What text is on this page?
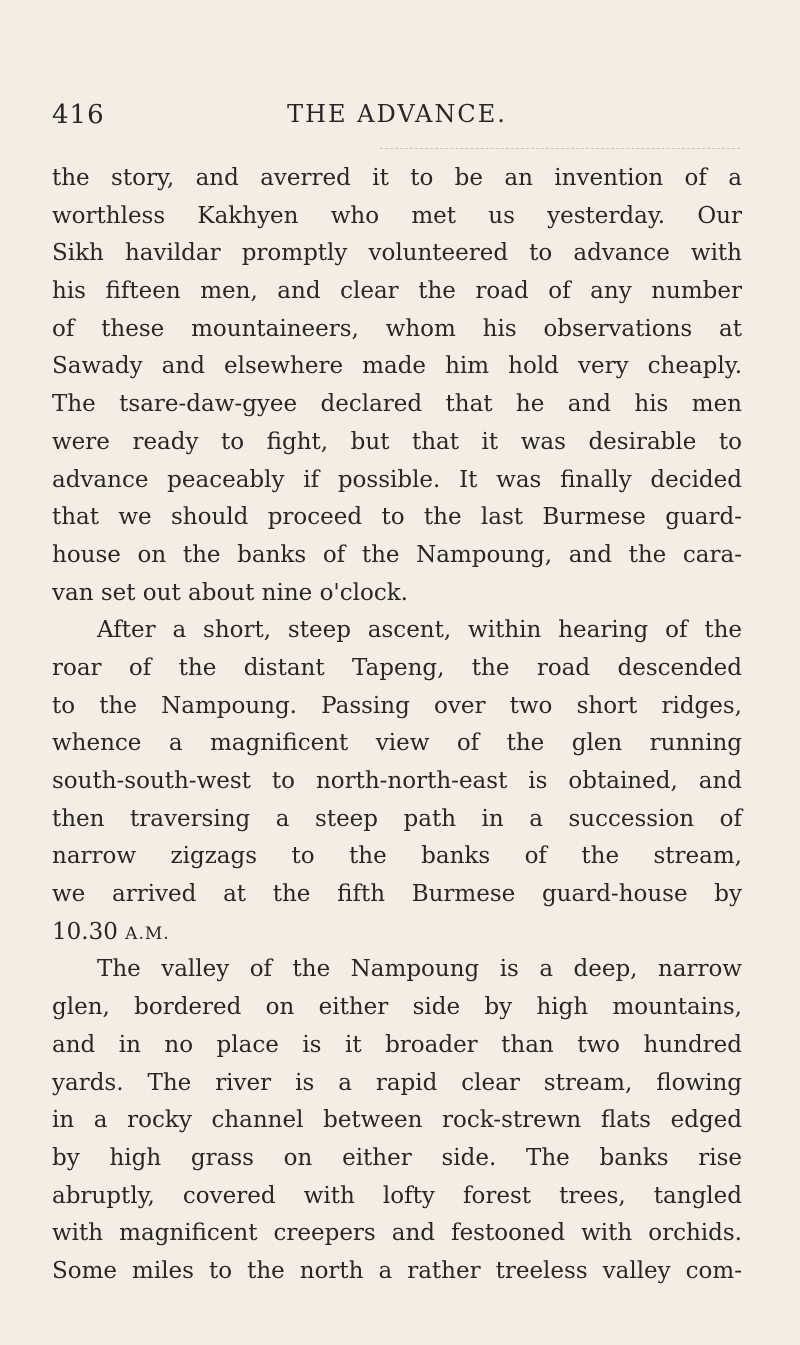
416	THE ADVANCE.
the story, and averred it to be an invention of a
worthless Kakhyen who met us yesterday. Our
Sikh havildar promptly volunteered to advance with
his fifteen men, and clear the road of any number
of these mountaineers, whom his observations at
Sawady and elsewhere made him hold very cheaply.
The tsare-daw-gyee declared that he and his men
were ready to fight, but that it was desirable to
advance peaceably if possible. It was finally decided
that we should proceed to the last Burmese guard-
house on the banks of the Nampoung, and the cara-
van set out about nine o'clock.
After a short, steep ascent, within hearing of the
roar of the distant Tapeng, the road descended
to the Nampoung. Passing over two short ridges,
whence a magnificent view of the glen running
south-south-west to north-north-east is obtained, and
then traversing a steep path in a succession of
narrow zigzags to the banks of the stream,
we arrived at the fifth Burmese guard-house by
10.30 A.M.
The valley of the Nampoung is a deep, narrow
glen, bordered on either side by high mountains,
and in no place is it broader than two hundred
yards. The river is a rapid clear stream, flowing
in a rocky channel between rock-strewn flats edged
by high grass on either side. The banks rise
abruptly, covered with lofty forest trees, tangled
with magnificent creepers and festooned with orchids.
Some miles to the north a rather treeless valley com-
